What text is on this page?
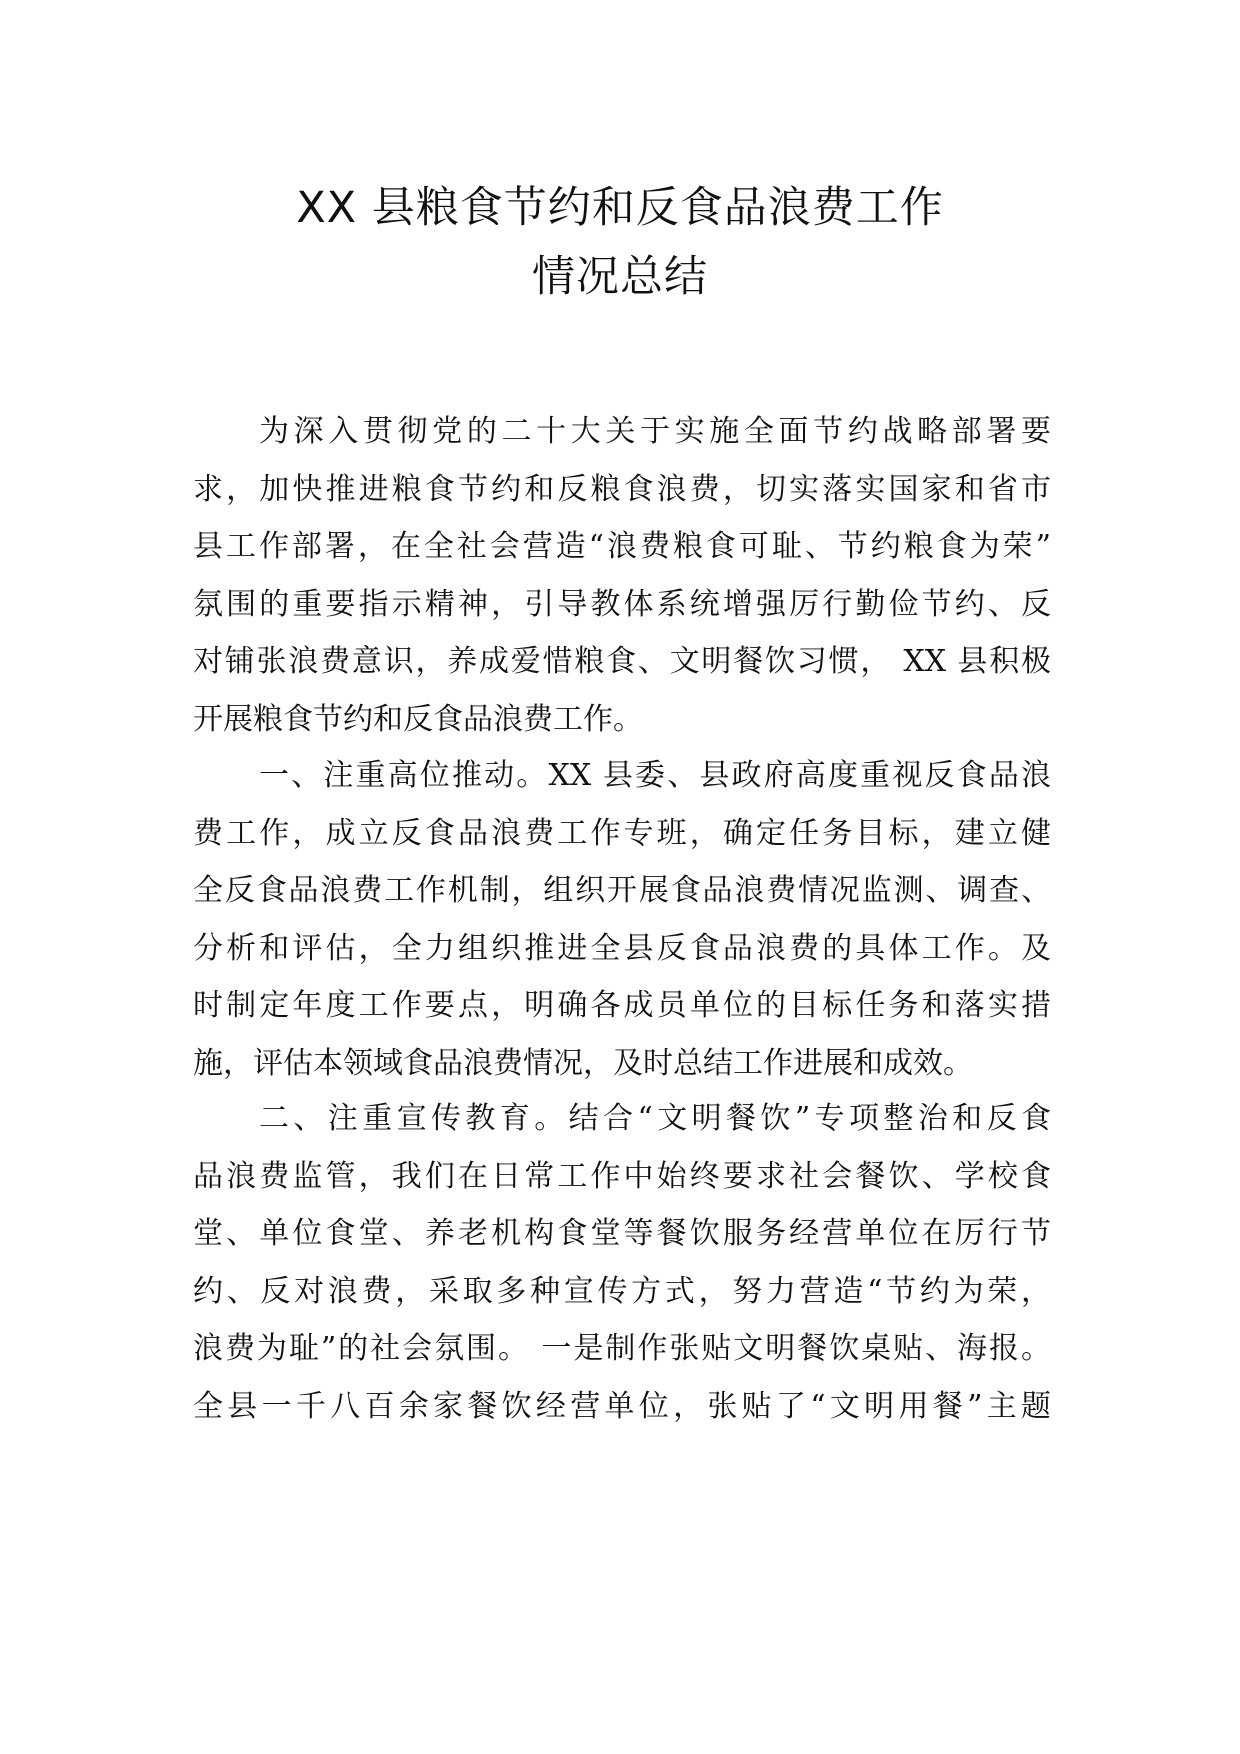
XX 县粮食节约和反食品浪费工作
情况总结
为深入贯彻党的二十大关于实施全面节约战略部署要
求，加快推进粮食节约和反粮食浪费，切实落实国家和省市
县工作部署，在全社会营造“浪费粮食可耻、节约粮食为荣”
氛围的重要指示精神，引导教体系统增强厉行勤俭节约、反
对铺张浪费意识，养成爱惜粮食、文明餐饮习惯， XX 县积极
开展粮食节约和反食品浪费工作。
一、注重高位推动。XX 县委、县政府高度重视反食品浪
费工作，成立反食品浪费工作专班，确定任务目标，建立健
全反食品浪费工作机制，组织开展食品浪费情况监测、调查、
分析和评估，全力组织推进全县反食品浪费的具体工作。及
时制定年度工作要点，明确各成员单位的目标任务和落实措
施，评估本领域食品浪费情况，及时总结工作进展和成效。
二、注重宣传教育。结合“文明餐饮”专项整治和反食
品浪费监管，我们在日常工作中始终要求社会餐饮、学校食
堂、单位食堂、养老机构食堂等餐饮服务经营单位在厉行节
约、反对浪费，采取多种宣传方式，努力营造“节约为荣，
浪费为耻”的社会氛围。 一是制作张贴文明餐饮桌贴、海报。
全县一千八百余家餐饮经营单位，张贴了“文明用餐”主题
